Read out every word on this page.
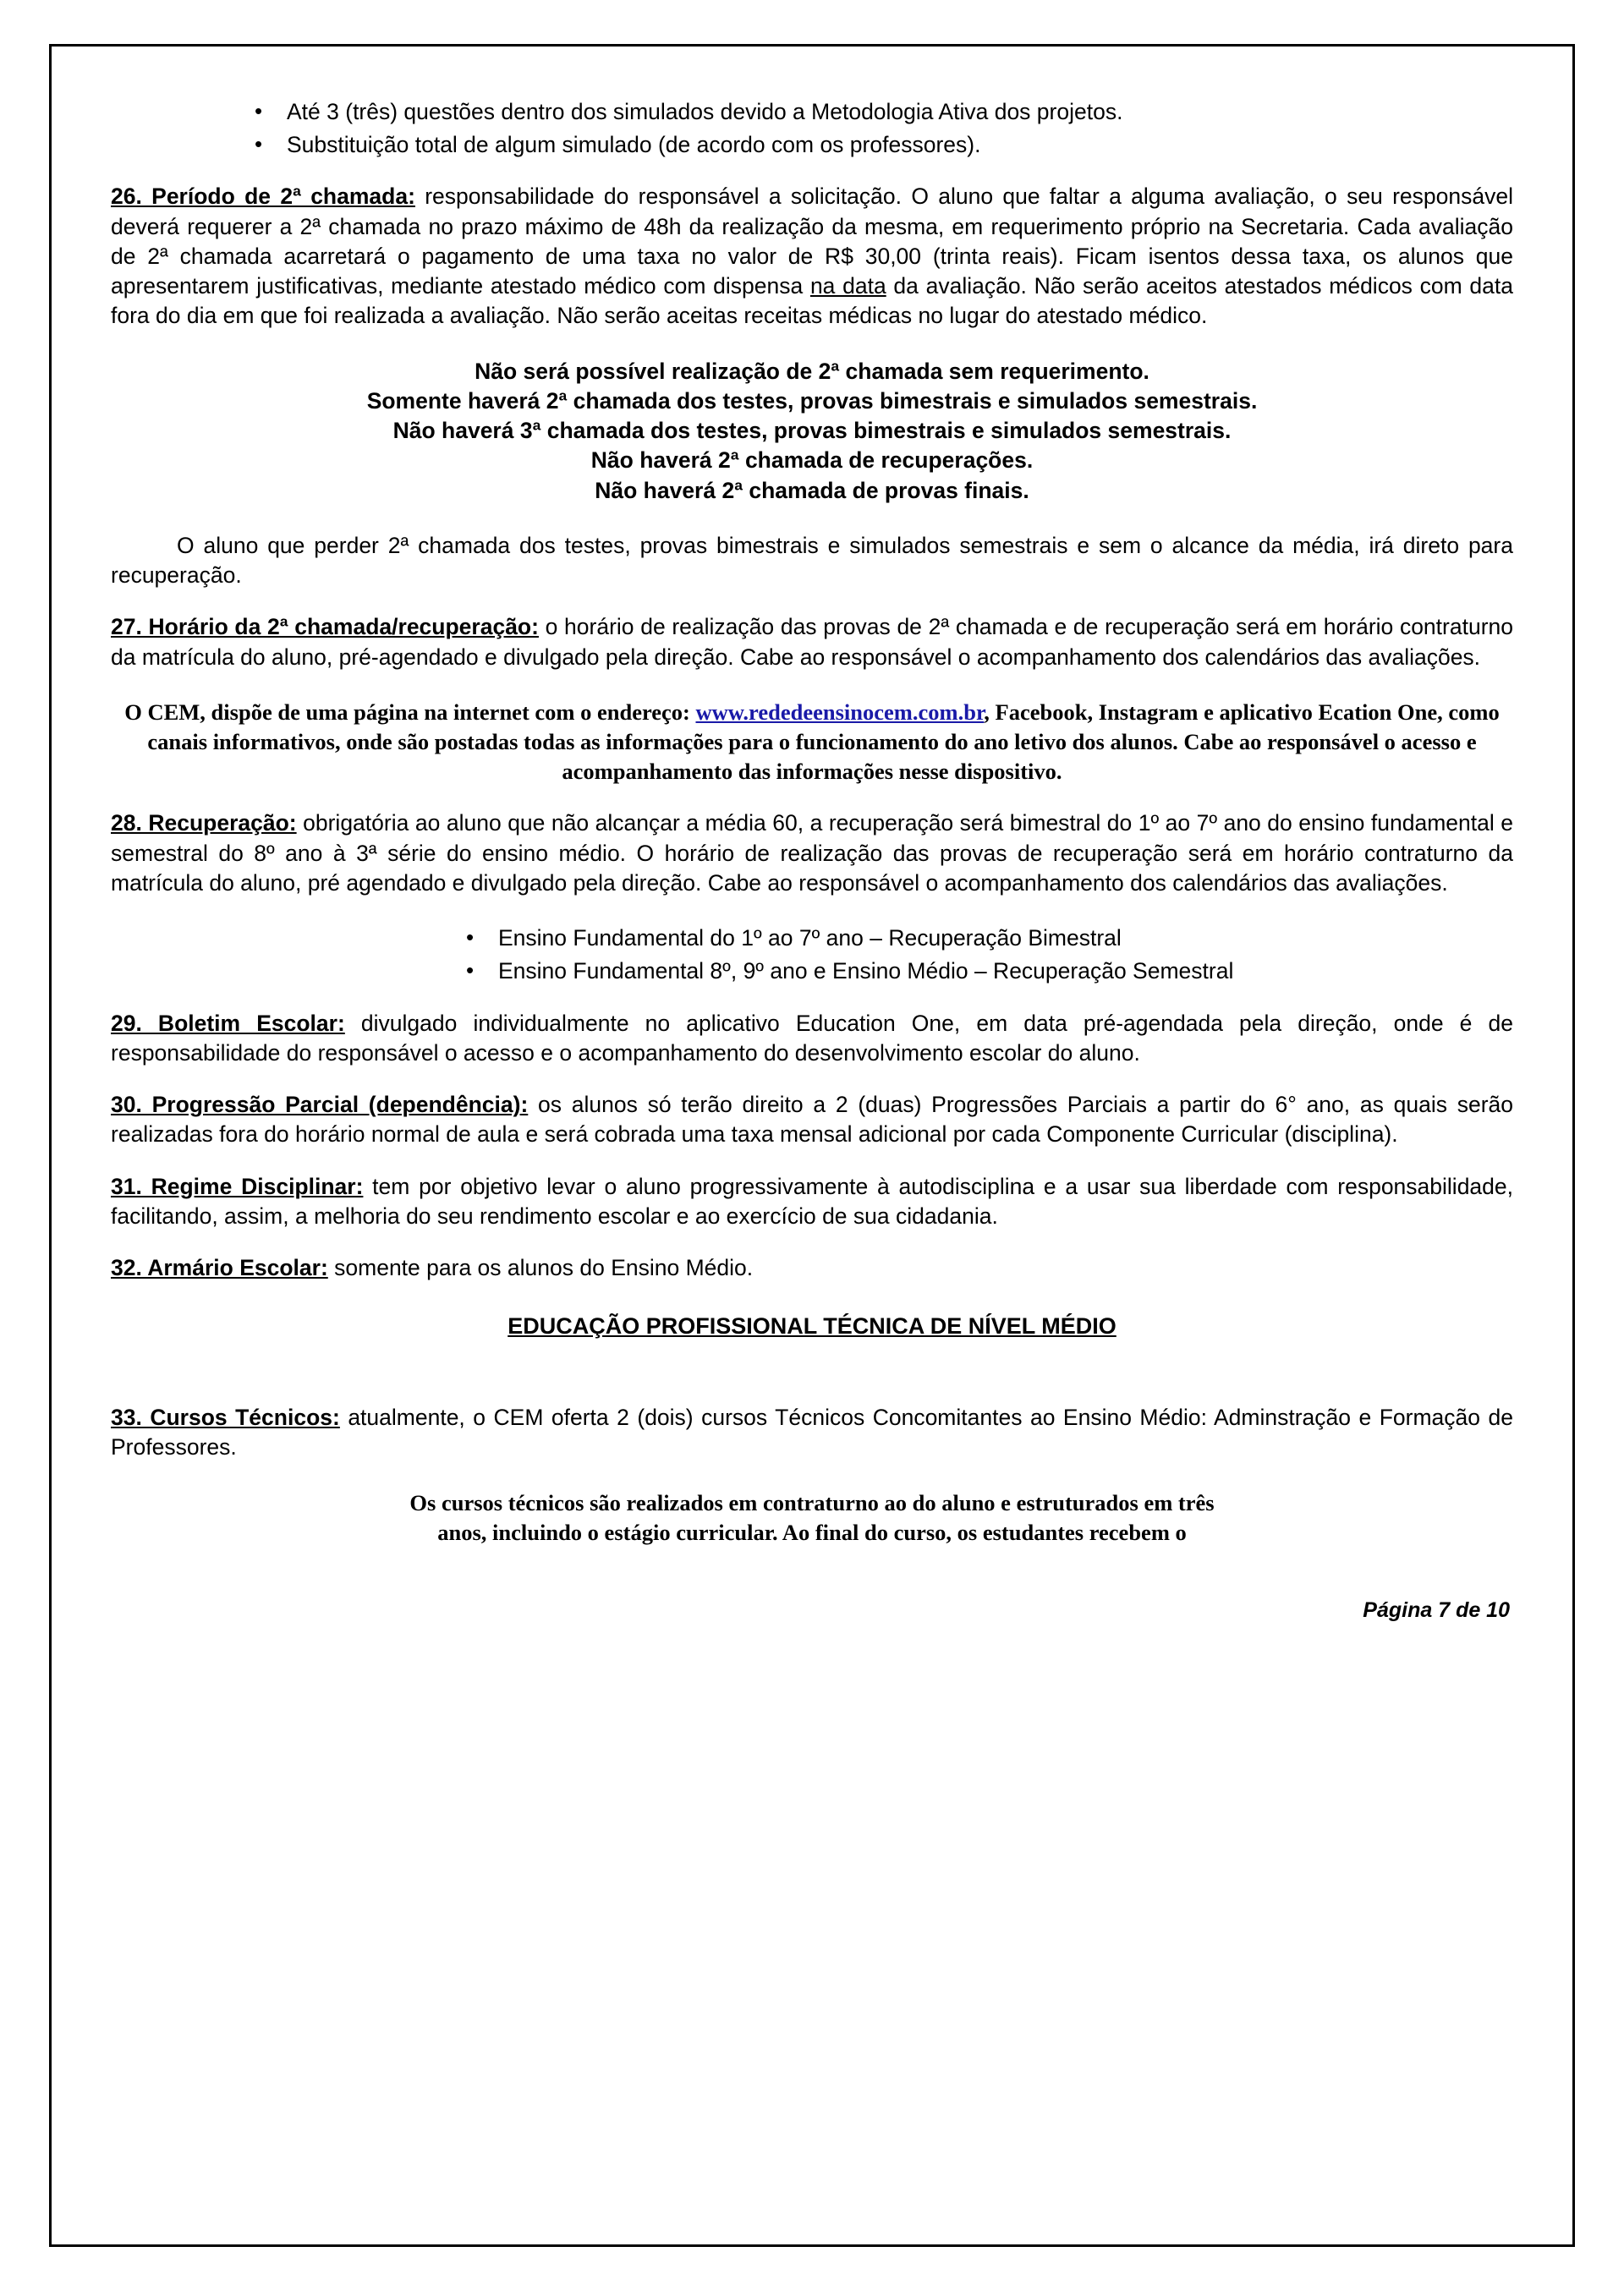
• Até 3 (três) questões dentro dos simulados devido a Metodologia Ativa dos projetos.
• Substituição total de algum simulado (de acordo com os professores).

26. Período de 2ª chamada: responsabilidade do responsável a solicitação. O aluno que faltar a alguma avaliação, o seu responsável deverá requerer a 2ª chamada no prazo máximo de 48h da realização da mesma, em requerimento próprio na Secretaria. Cada avaliação de 2ª chamada acarretará o pagamento de uma taxa no valor de R$ 30,00 (trinta reais). Ficam isentos dessa taxa, os alunos que apresentarem justificativas, mediante atestado médico com dispensa na data da avaliação. Não serão aceitos atestados médicos com data fora do dia em que foi realizada a avaliação. Não serão aceitas receitas médicas no lugar do atestado médico.

Não será possível realização de 2ª chamada sem requerimento.
Somente haverá 2ª chamada dos testes, provas bimestrais e simulados semestrais.
Não haverá 3ª chamada dos testes, provas bimestrais e simulados semestrais.
Não haverá 2ª chamada de recuperações.
Não haverá 2ª chamada de provas finais.

O aluno que perder 2ª chamada dos testes, provas bimestrais e simulados semestrais e sem o alcance da média, irá direto para recuperação.

27. Horário da 2ª chamada/recuperação: o horário de realização das provas de 2ª chamada e de recuperação será em horário contraturno da matrícula do aluno, pré-agendado e divulgado pela direção. Cabe ao responsável o acompanhamento dos calendários das avaliações.

O CEM, dispõe de uma página na internet com o endereço: www.rededeensinocem.com.br, Facebook, Instagram e aplicativo Ecation One, como canais informativos, onde são postadas todas as informações para o funcionamento do ano letivo dos alunos. Cabe ao responsável o acesso e acompanhamento das informações nesse dispositivo.

28. Recuperação: obrigatória ao aluno que não alcançar a média 60, a recuperação será bimestral do 1º ao 7º ano do ensino fundamental e semestral do 8º ano à 3ª série do ensino médio. O horário de realização das provas de recuperação será em horário contraturno da matrícula do aluno, pré agendado e divulgado pela direção. Cabe ao responsável o acompanhamento dos calendários das avaliações.

• Ensino Fundamental do 1º ao 7º ano – Recuperação Bimestral
• Ensino Fundamental 8º, 9º ano e Ensino Médio – Recuperação Semestral

29. Boletim Escolar: divulgado individualmente no aplicativo Education One, em data pré-agendada pela direção, onde é de responsabilidade do responsável o acesso e o acompanhamento do desenvolvimento escolar do aluno.

30. Progressão Parcial (dependência): os alunos só terão direito a 2 (duas) Progressões Parciais a partir do 6° ano, as quais serão realizadas fora do horário normal de aula e será cobrada uma taxa mensal adicional por cada Componente Curricular (disciplina).

31. Regime Disciplinar: tem por objetivo levar o aluno progressivamente à autodisciplina e a usar sua liberdade com responsabilidade, facilitando, assim, a melhoria do seu rendimento escolar e ao exercício de sua cidadania.

32. Armário Escolar: somente para os alunos do Ensino Médio.

EDUCAÇÃO PROFISSIONAL TÉCNICA DE NÍVEL MÉDIO

33. Cursos Técnicos: atualmente, o CEM oferta 2 (dois) cursos Técnicos Concomitantes ao Ensino Médio: Adminstração e Formação de Professores.

Os cursos técnicos são realizados em contraturno ao do aluno e estruturados em três
anos, incluindo o estágio curricular. Ao final do curso, os estudantes recebem o
Página 7 de 10
